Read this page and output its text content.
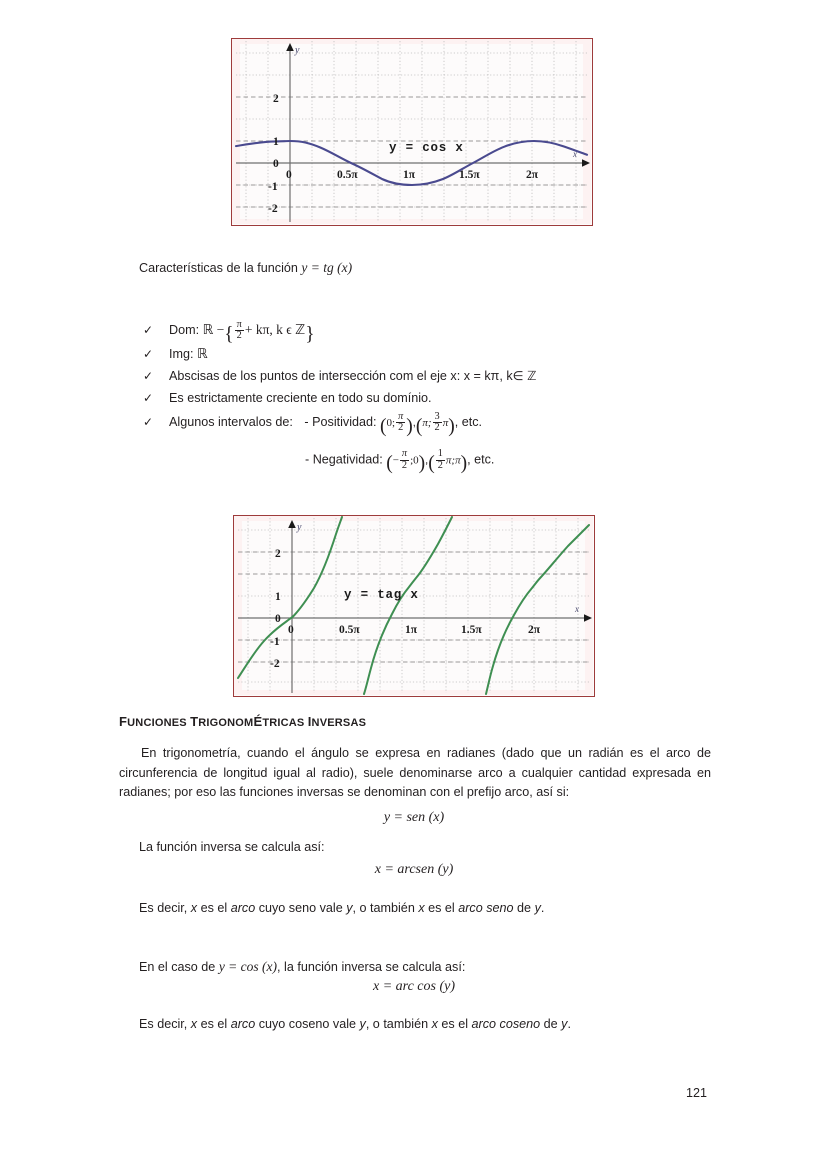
2
1
0
-1
-2
0	0.5π	1π	1.5π	2π
y
x
y = cos x
Características de la función y = tg (x)
✓ Dom: ℝ −{ $\frac{\pi}{2} + k\pi$, k ϵ ℤ}
✓ Img: ℝ
✓ Abscisas de los puntos de intersección com el eje x: x = kπ, k∈ ℤ
✓ Es estrictamente creciente en todo su domínio.
✓ Algunos intervalos de: - Positividad: (0; $\frac{\pi}{2} ),(\pi$; $\frac{3}{2} \pi$), etc.
- Negatividad: (− $\frac{\pi}{2}$ ;0),( $\frac{1}{2}$ π;π), etc.
2
1
0
-1
-2
0	0.5π	1π	1.5π	2π
y
x
y = tag x
FUNCIONES TRIGONOMÉTRICAS INVERSAS
En trigonometría, cuando el ángulo se expresa en radianes (dado que un radián es el arco de circunferencia de longitud igual al radio), suele denominarse arco a cualquier cantidad expresada en radianes; por eso las funciones inversas se denominan con el prefijo arco, así si:
y = sen (x)
La función inversa se calcula así:
x = arcsen (y)
Es decir, x es el arco cuyo seno vale y, o también x es el arco seno de y.
En el caso de y = cos (x), la función inversa se calcula así:
x = arc cos (y)
Es decir, x es el arco cuyo coseno vale y, o también x es el arco coseno de y.
121
